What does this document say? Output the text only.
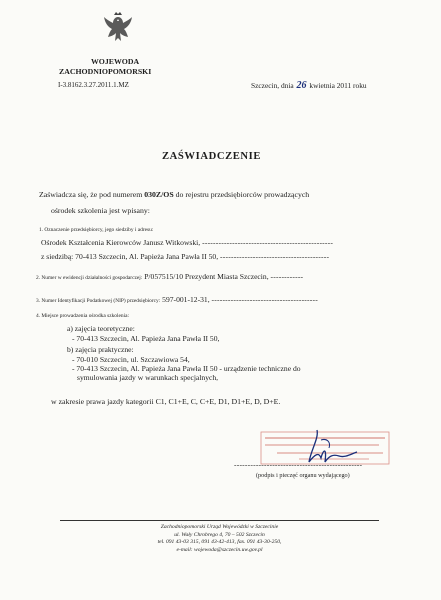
WOJEWODA
ZACHODNIOPOMORSKI
I-3.8162.3.27.2011.1.MZ	Szczecin, dnia 26 kwietnia 2011 roku
ZAŚWIADCZENIE
Zaświadcza się, że pod numerem 030Z/OS do rejestru przedsiębiorców prowadzących
ośrodek szkolenia jest wpisany:
1. Oznaczenie przedsiębiorcy, jego siedziby i adresu:
Ośrodek Kształcenia Kierowców Janusz Witkowski, ------------------------------------------------
z siedzibą: 70-413 Szczecin, Al. Papieża Jana Pawła II 50, ----------------------------------------
2. Numer w ewidencji działalności gospodarczej: P/057515/10 Prezydent Miasta Szczecin, ------------
3. Numer Identyfikacji Podatkowej (NIP) przedsiębiorcy: 597-001-12-31, ---------------------------------------
4. Miejsce prowadzenia ośrodka szkolenia:
a) zajęcia teoretyczne:
- 70-413 Szczecin, Al. Papieża Jana Pawła II 50,
b) zajęcia praktyczne:
- 70-010 Szczecin, ul. Szczawiowa 54,
- 70-413 Szczecin, Al. Papieża Jana Pawła II 50 - urządzenie techniczne do
symulowania jazdy w warunkach specjalnych,
w zakresie prawa jazdy kategorii C1, C1+E, C, C+E, D1, D1+E, D, D+E.
-----------------------------------------------
(podpis i pieczęć organu wydającego)
Zachodniopomorski Urząd Wojewódzki w Szczecinie
ul. Wały Chrobrego 4, 70 – 502 Szczecin
tel. 091 43-03 315, 091 43-42-413, fax. 091 43-30-250,
e-mail: wojewoda@szczecin.uw.gov.pl
